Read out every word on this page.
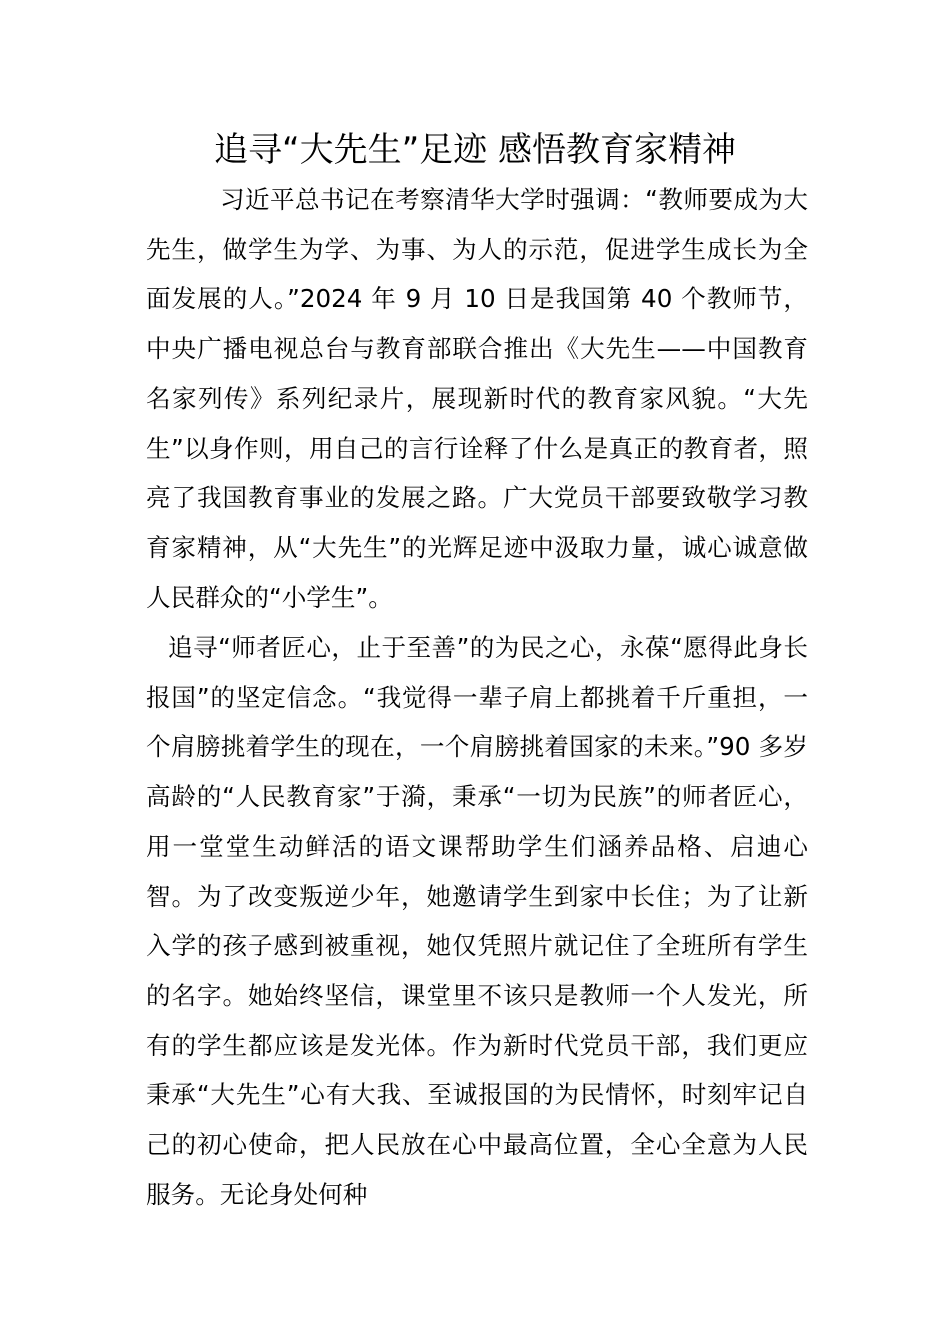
追寻“大先生”足迹 感悟教育家精神

习近平总书记在考察清华大学时强调：“教师要成为大先生，做学生为学、为事、为人的示范，促进学生成长为全面发展的人。”2024 年 9 月 10 日是我国第 40 个教师节，中央广播电视总台与教育部联合推出《大先生——中国教育名家列传》系列纪录片，展现新时代的教育家风貌。“大先生”以身作则，用自己的言行诠释了什么是真正的教育者，照亮了我国教育事业的发展之路。广大党员干部要致敬学习教育家精神，从“大先生”的光辉足迹中汲取力量，诚心诚意做人民群众的“小学生”。

追寻“师者匠心，止于至善”的为民之心，永葆“愿得此身长报国”的坚定信念。“我觉得一辈子肩上都挑着千斤重担，一个肩膀挑着学生的现在，一个肩膀挑着国家的未来。”90 多岁高龄的“人民教育家”于漪，秉承“一切为民族”的师者匠心，用一堂堂生动鲜活的语文课帮助学生们涵养品格、启迪心智。为了改变叛逆少年，她邀请学生到家中长住；为了让新入学的孩子感到被重视，她仅凭照片就记住了全班所有学生的名字。她始终坚信，课堂里不该只是教师一个人发光，所有的学生都应该是发光体。作为新时代党员干部，我们更应秉承“大先生”心有大我、至诚报国的为民情怀，时刻牢记自己的初心使命，把人民放在心中最高位置，全心全意为人民服务。无论身处何种
